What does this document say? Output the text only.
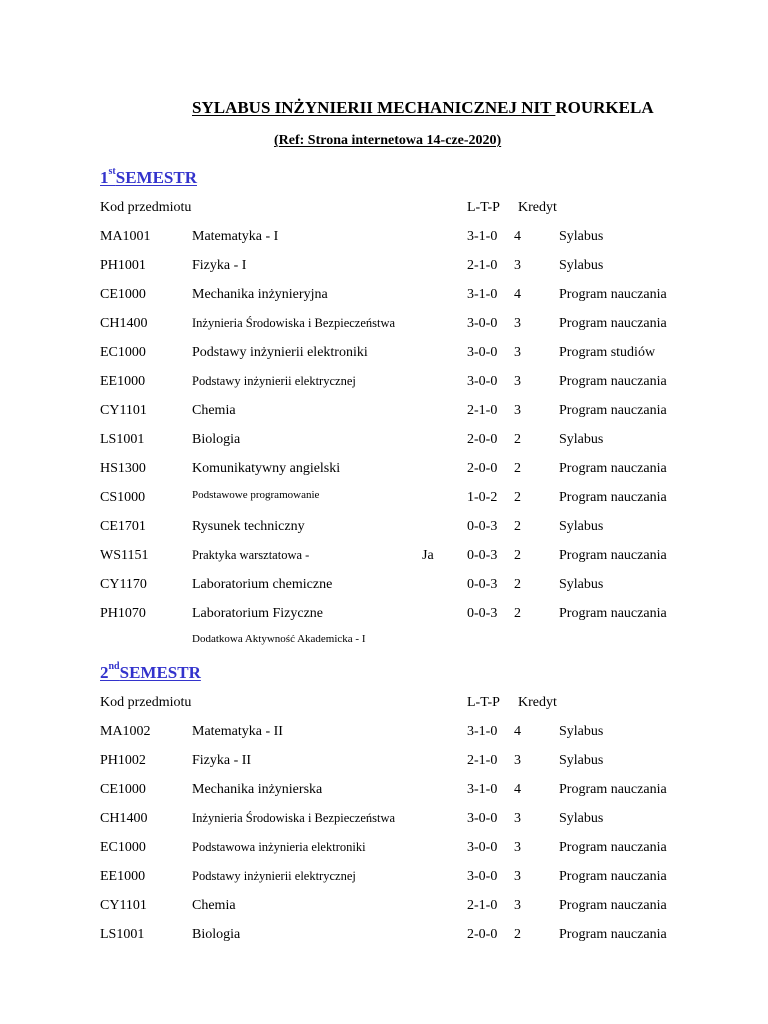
SYLABUS INŻYNIERII MECHANICZNEJ NIT ROURKELA
(Ref: Strona internetowa 14-cze-2020)
1stSEMESTR
Kod przedmiotu	L-T-P Kredyt
MA1001	Matematyka - I	3-1-0 4	Sylabus
PH1001	Fizyka - I	2-1-0 3	Sylabus
CE1000	Mechanika inżynieryjna	3-1-0 4	Program nauczania
CH1400	Inżynieria Środowiska i Bezpieczeństwa	3-0-0 3	Program nauczania
EC1000	Podstawy inżynierii elektroniki	3-0-0 3	Program studiów
EE1000	Podstawy inżynierii elektrycznej	3-0-0 3	Program nauczania
CY1101	Chemia	2-1-0 3	Program nauczania
LS1001	Biologia	2-0-0 2	Sylabus
HS1300	Komunikatywny angielski	2-0-0 2	Program nauczania
CS1000	Podstawowe programowanie	1-0-2 2	Program nauczania
CE1701	Rysunek techniczny	0-0-3 2	Sylabus
WS1151	Praktyka warsztatowa -	Ja 0-0-3 2	Program nauczania
CY1170	Laboratorium chemiczne	0-0-3 2	Sylabus
PH1070	Laboratorium Fizyczne	0-0-3 2	Program nauczania
Dodatkowa Aktywność Akademicka - I
2ndSEMESTR
Kod przedmiotu	L-T-P Kredyt
MA1002	Matematyka - II	3-1-0 4	Sylabus
PH1002	Fizyka - II	2-1-0 3	Sylabus
CE1000	Mechanika inżynierska	3-1-0 4	Program nauczania
CH1400	Inżynieria Środowiska i Bezpieczeństwa	3-0-0 3	Sylabus
EC1000	Podstawowa inżynieria elektroniki	3-0-0 3	Program nauczania
EE1000	Podstawy inżynierii elektrycznej	3-0-0 3	Program nauczania
CY1101	Chemia	2-1-0 3	Program nauczania
LS1001	Biologia	2-0-0 2	Program nauczania
